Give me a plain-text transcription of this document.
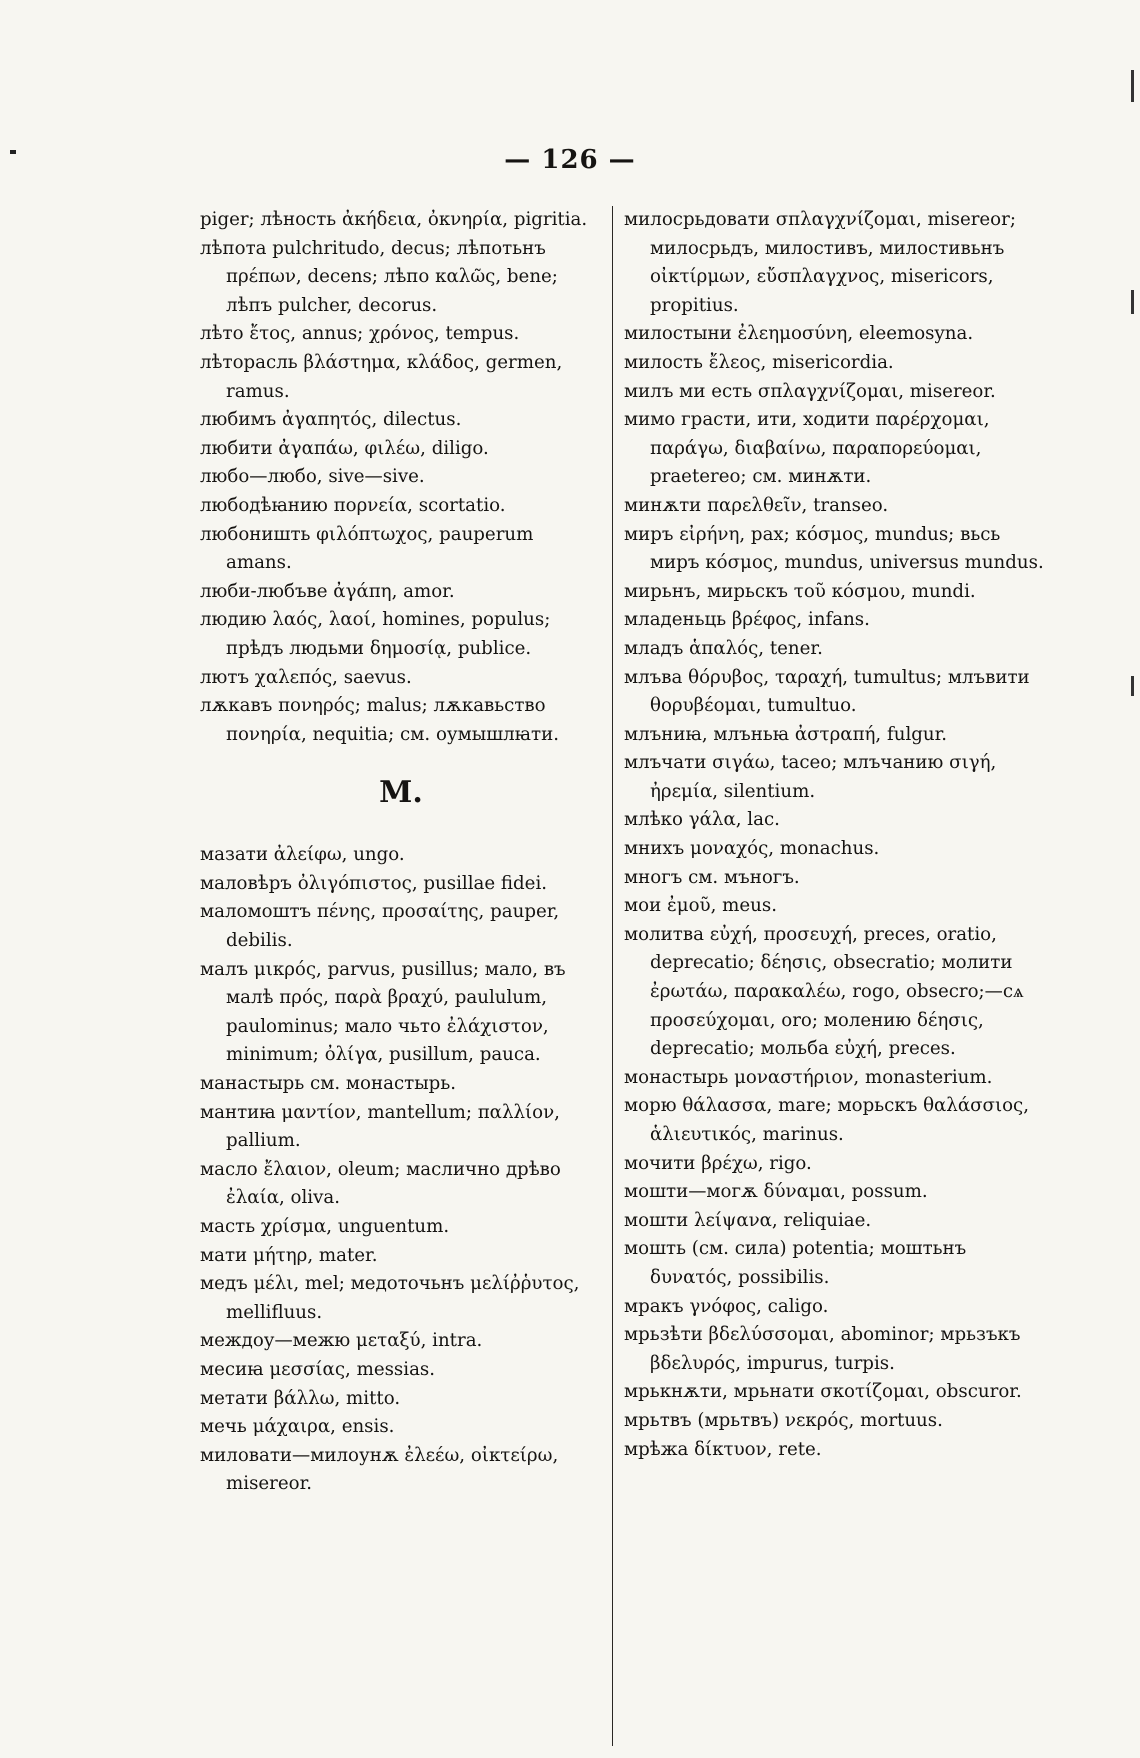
— 126 —

piger; лѣность ἀκήδεια, ὀκνηρία, pigritia.

лѣпота pulchritudo, decus; лѣпотьнъ πρέπων, decens; лѣпо καλῶς, bene; лѣпъ pulcher, decorus.

лѣто ἔτος, annus; χρόνος, tempus.

лѣторасль βλάστημα, κλάδος, germen, ramus.

любимъ ἀγαπητός, dilectus.

любити ἀγαπάω, φιλέω, diligo.

любо—любо, sive—sive.

любодѣꙗнию πορνεία, scortatio.

любоништь φιλόπτωχος, pauperum amans.

люби-любъве ἀγάπη, amor.

людию λαός, λαοί, homines, populus; прѣдъ людьми δημοσίᾳ, publice.

лютъ χαλεπός, saevus.

лѫкавъ πονηρός; malus; лѫкавьство πονηρία, nequitia; см. оумышлꙗти.

М.

мазати ἀλείφω, ungo.

маловѣръ ὀλιγόπιστος, pusillae fidei.

маломоштъ πένης, προσαίτης, pauper, debilis.

малъ μικρός, parvus, pusillus; мало, въ малѣ πρός, παρὰ βραχύ, paululum, paulominus; мало чьто ἐλάχιστον, minimum; ὀλίγα, pusillum, pauca.

манастырь см. монастырь.

мантиꙗ μαντίον, mantellum; παλλίον, pallium.

масло ἔλαιον, oleum; маслично дрѣво ἐλαία, oliva.

масть χρίσμα, unguentum.

мати μήτηρ, mater.

медъ μέλι, mel; медоточьнъ μελίῤῥυτος, mellifluus.

междоу—межю μεταξύ, intra.

месиꙗ μεσσίας, messias.

метати βάλλω, mitto.

мечь μάχαιρα, ensis.

миловати—милоунѫ ἐλεέω, οἰκτείρω, misereor.

милосрьдовати σπλαγχνίζομαι, misereor; милосрьдъ, милостивъ, милостивьнъ οἰκτίρμων, εὔσπλαγχνος, misericors, propitius.

милостыни ἐλεημοσύνη, eleemosyna.

милость ἔλεος, misericordia.

милъ ми есть σπλαγχνίζομαι, misereor.

мимо грасти, ити, ходити παρέρχομαι, παράγω, διαβαίνω, παραπορεύομαι, praetereo; см. минѫти.

минѫти παρελθεῖν, transeo.

миръ εἰρήνη, pax; κόσμος, mundus; вьсь миръ κόσμος, mundus, universus mundus.

мирьнъ, мирьскъ τοῦ κόσμου, mundi.

младеньць βρέφος, infans.

младъ ἁπαλός, tener.

млъва θόρυβος, ταραχή, tumultus; млъвити θορυβέομαι, tumultuo.

млъниꙗ, млъньꙗ ἀστραπή, fulgur.

млъчати σιγάω, taceo; млъчанию σιγή, ἠρεμία, silentium.

млѣко γάλα, lac.

мнихъ μοναχός, monachus.

многъ см. мъногъ.

мои ἐμοῦ, meus.

молитва εὐχή, προσευχή, preces, oratio, deprecatio; δέησις, obsecratio; молити ἐρωτάω, παρακαλέω, rogo, obsecro;—сѧ προσεύχομαι, oro; молению δέησις, deprecatio; мольба εὐχή, preces.

монастырь μοναστήριον, monasterium.

морю θάλασσα, mare; морьскъ θαλάσσιος, ἁλιευτικός, marinus.

мочити βρέχω, rigo.

мошти—могѫ δύναμαι, possum.

мошти λείψανα, reliquiae.

мошть (см. сила) potentia; моштьнъ δυνατός, possibilis.

мракъ γνόφος, caligo.

мрьзѣти βδελύσσομαι, abominor; мрьзъкъ βδελυρός, impurus, turpis.

мрькнѫти, мрьнати σκοτίζομαι, obscuror.

мрьтвъ (мрьтвъ) νεκρός, mortuus.

мрѣжа δίκτυον, rete.
